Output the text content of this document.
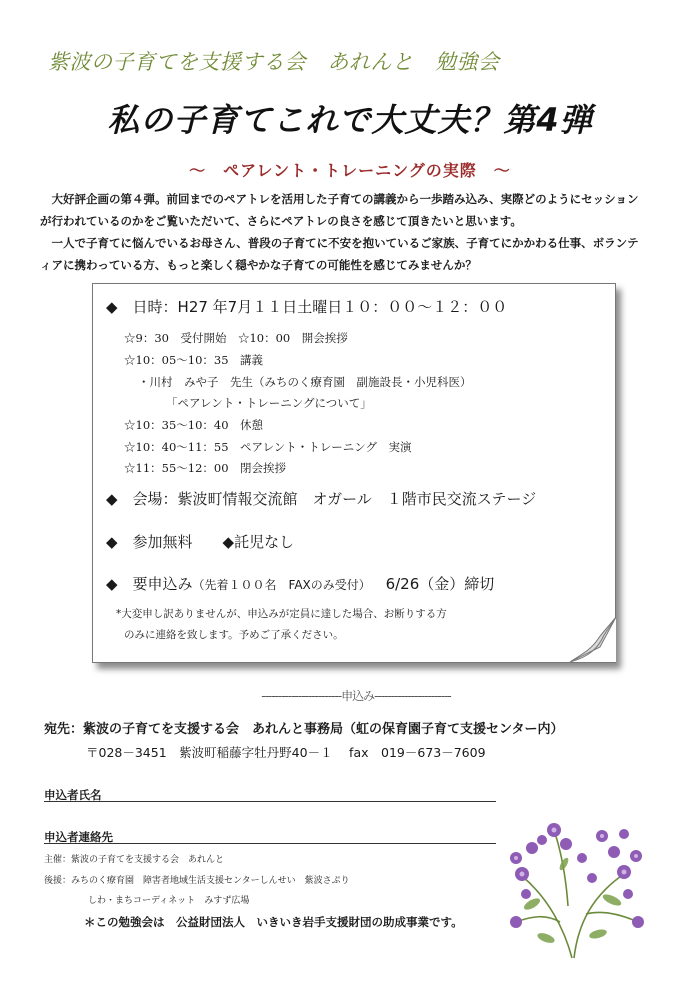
紫波の子育てを支援する会　あれんと　勉強会
私の子育てこれで大丈夫？第4弾
～　ペアレント・トレーニングの実際　～
大好評企画の第４弾。前回までのペアトレを活用した子育ての講義から一歩踏み込み、実際どのようにセッション
が行われているのかをご覧いただいて、さらにペアトレの良さを感じて頂きたいと思います。
一人で子育てに悩んでいるお母さん、普段の子育てに不安を抱いているご家族、子育てにかかわる仕事、ボランテ
ィアに携わっている方、もっと楽しく穏やかな子育ての可能性を感じてみませんか？
◆　日時：H27 年7月１１日土曜日１０：００～１２：００
☆9：30　受付開始　☆10：00　開会挨拶
☆10：05～10：35　講義
・川村　みや子　先生（みちのく療育園　副施設長・小児科医）
「ペアレント・トレーニングについて」
☆10：35～10：40　休憩
☆10：40～11：55　ペアレント・トレーニング　実演
☆11：55～12：00　閉会挨拶
◆　会場：紫波町情報交流館　オガール　１階市民交流ステージ
◆　参加無料　　◆託児なし
◆　要申込み（先着１００名　FAXのみ受付） 6/26（金）締切
*大変申し訳ありませんが、申込みが定員に達した場合、お断りする方
のみに連絡を致します。予めご了承ください。
------------------------申込み-----------------------
宛先：紫波の子育てを支援する会　あれんと事務局（虹の保育園子育て支援センター内）
〒028－3451　紫波町稲藤字牡丹野40－１　 fax　019－673－7609
申込者氏名
申込者連絡先
主催：紫波の子育てを支援する会　あれんと
後援：みちのく療育園　障害者地域生活支援センターしんせい　紫波さぷり
しわ・まちコーディネット　みすず広場
＊この勉強会は　公益財団法人　いきいき岩手支援財団の助成事業です。
